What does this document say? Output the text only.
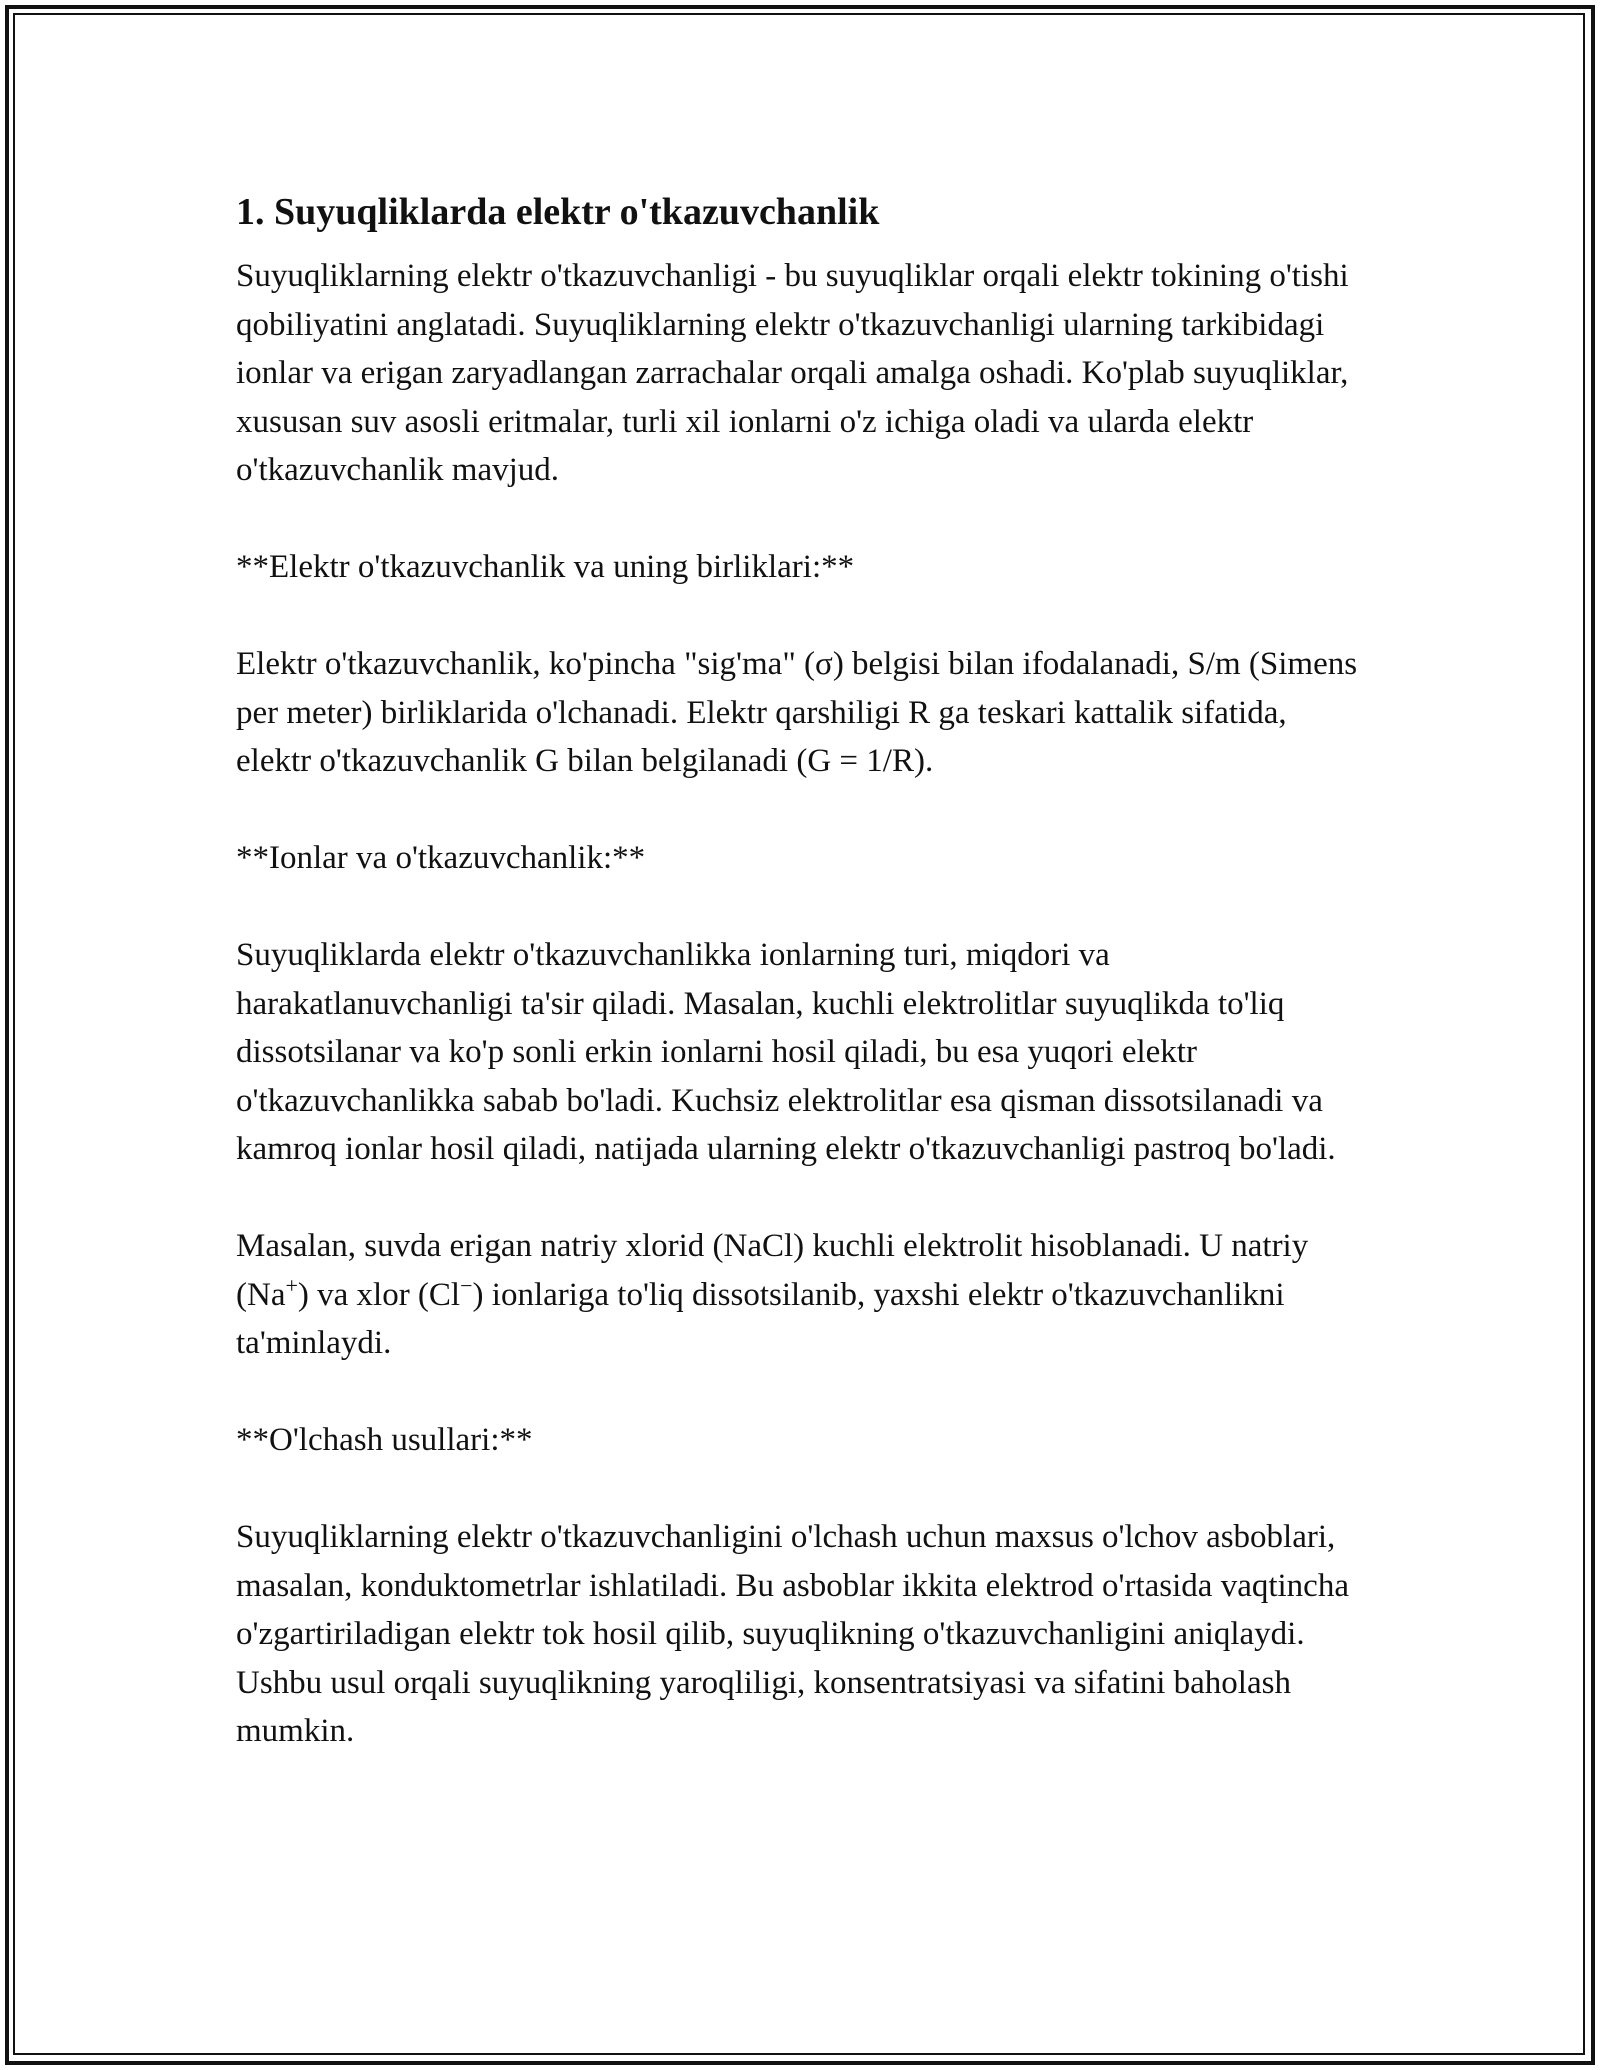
1. Suyuqliklarda elektr o'tkazuvchanlik

Suyuqliklarning elektr o'tkazuvchanligi - bu suyuqliklar orqali elektr tokining o'tishi qobiliyatini anglatadi. Suyuqliklarning elektr o'tkazuvchanligi ularning tarkibidagi ionlar va erigan zaryadlangan zarrachalar orqali amalga oshadi. Ko'plab suyuqliklar, xususan suv asosli eritmalar, turli xil ionlarni o'z ichiga oladi va ularda elektr o'tkazuvchanlik mavjud.

**Elektr o'tkazuvchanlik va uning birliklari:**

Elektr o'tkazuvchanlik, ko'pincha "sig'ma" (σ) belgisi bilan ifodalanadi, S/m (Simens per meter) birliklarida o'lchanadi. Elektr qarshiligi R ga teskari kattalik sifatida, elektr o'tkazuvchanlik G bilan belgilanadi (G = 1/R).

**Ionlar va o'tkazuvchanlik:**

Suyuqliklarda elektr o'tkazuvchanlikka ionlarning turi, miqdori va harakatlanuvchanligi ta'sir qiladi. Masalan, kuchli elektrolitlar suyuqlikda to'liq dissotsilanar va ko'p sonli erkin ionlarni hosil qiladi, bu esa yuqori elektr o'tkazuvchanlikka sabab bo'ladi. Kuchsiz elektrolitlar esa qisman dissotsilanadi va kamroq ionlar hosil qiladi, natijada ularning elektr o'tkazuvchanligi pastroq bo'ladi.

Masalan, suvda erigan natriy xlorid (NaCl) kuchli elektrolit hisoblanadi. U natriy (Na+) va xlor (Cl−) ionlariga to'liq dissotsilanib, yaxshi elektr o'tkazuvchanlikni ta'minlaydi.

**O'lchash usullari:**

Suyuqliklarning elektr o'tkazuvchanligini o'lchash uchun maxsus o'lchov asboblari, masalan, konduktometrlar ishlatiladi. Bu asboblar ikkita elektrod o'rtasida vaqtincha o'zgartiriladigan elektr tok hosil qilib, suyuqlikning o'tkazuvchanligini aniqlaydi. Ushbu usul orqali suyuqlikning yaroqliligi, konsentratsiyasi va sifatini baholash mumkin.
